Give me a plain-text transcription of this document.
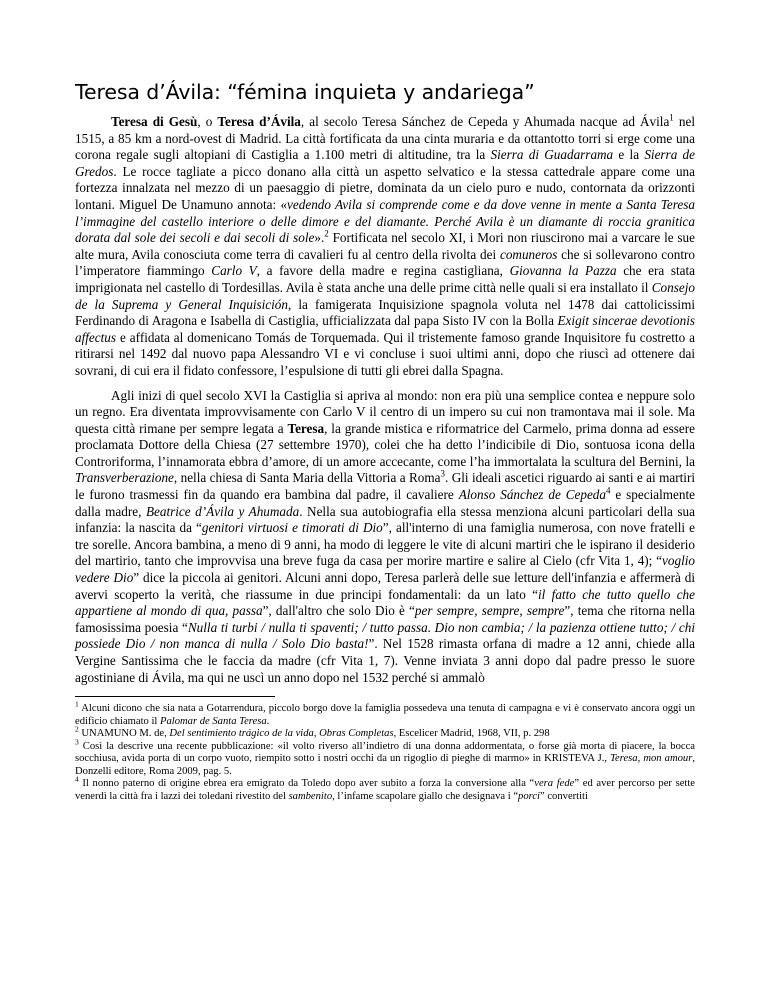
Teresa d’Ávila: “fémina inquieta y andariega”

Teresa di Gesù, o Teresa d’Ávila, al secolo Teresa Sánchez de Cepeda y Ahumada nacque ad Ávila$^1$ nel 1515, a 85 km a nord-ovest di Madrid. La città fortificata da una cinta muraria e da ottantotto torri si erge come una corona regale sugli altopiani di Castiglia a 1.100 metri di altitudine, tra la Sierra di Guadarrama e la Sierra de Gredos. Le rocce tagliate a picco donano alla città un aspetto selvatico e la stessa cattedrale appare come una fortezza innalzata nel mezzo di un paesaggio di pietre, dominata da un cielo puro e nudo, contornata da orizzonti lontani. Miguel De Unamuno annota: «vedendo Avila si comprende come e da dove venne in mente a Santa Teresa l’immagine del castello interiore o delle dimore e del diamante. Perché Avila è un diamante di roccia granitica dorata dal sole dei secoli e dai secoli di sole».$^2$ Fortificata nel secolo XI, i Mori non riuscirono mai a varcare le sue alte mura, Avila conosciuta come terra di cavalieri fu al centro della rivolta dei comuneros che si sollevarono contro l’imperatore fiammingo Carlo V, a favore della madre e regina castigliana, Giovanna la Pazza che era stata imprigionata nel castello di Tordesillas. Avila è stata anche una delle prime città nelle quali si era installato il Consejo de la Suprema y General Inquisición, la famigerata Inquisizione spagnola voluta nel 1478 dai cattolicissimi Ferdinando di Aragona e Isabella di Castiglia, ufficializzata dal papa Sisto IV con la Bolla Exigit sincerae devotionis affectus e affidata al domenicano Tomás de Torquemada. Qui il tristemente famoso grande Inquisitore fu costretto a ritirarsi nel 1492 dal nuovo papa Alessandro VI e vi concluse i suoi ultimi anni, dopo che riuscì ad ottenere dai sovrani, di cui era il fidato confessore, l’espulsione di tutti gli ebrei dalla Spagna.

Agli inizi di quel secolo XVI la Castiglia si apriva al mondo: non era più una semplice contea e neppure solo un regno. Era diventata improvvisamente con Carlo V il centro di un impero su cui non tramontava mai il sole. Ma questa città rimane per sempre legata a Teresa, la grande mistica e riformatrice del Carmelo, prima donna ad essere proclamata Dottore della Chiesa (27 settembre 1970), colei che ha detto l’indicibile di Dio, sontuosa icona della Controriforma, l’innamorata ebbra d’amore, di un amore accecante, come l’ha immortalata la scultura del Bernini, la Transverberazione, nella chiesa di Santa Maria della Vittoria a Roma$^3$. Gli ideali ascetici riguardo ai santi e ai martiri le furono trasmessi fin da quando era bambina dal padre, il cavaliere Alonso Sánchez de Cepeda$^4$ e specialmente dalla madre, Beatrice d’Ávila y Ahumada. Nella sua autobiografia ella stessa menziona alcuni particolari della sua infanzia: la nascita da “genitori virtuosi e timorati di Dio”, all'interno di una famiglia numerosa, con nove fratelli e tre sorelle. Ancora bambina, a meno di 9 anni, ha modo di leggere le vite di alcuni martiri che le ispirano il desiderio del martirio, tanto che improvvisa una breve fuga da casa per morire martire e salire al Cielo (cfr Vita 1, 4); “voglio vedere Dio” dice la piccola ai genitori. Alcuni anni dopo, Teresa parlerà delle sue letture dell'infanzia e affermerà di avervi scoperto la verità, che riassume in due principi fondamentali: da un lato “il fatto che tutto quello che appartiene al mondo di qua, passa”, dall'altro che solo Dio è “per sempre, sempre, sempre”, tema che ritorna nella famosissima poesia “Nulla ti turbi / nulla ti spaventi; / tutto passa. Dio non cambia; / la pazienza ottiene tutto; / chi possiede Dio / non manca di nulla / Solo Dio basta!”. Nel 1528 rimasta orfana di madre a 12 anni, chiede alla Vergine Santissima che le faccia da madre (cfr Vita 1, 7). Venne inviata 3 anni dopo dal padre presso le suore agostiniane di Ávila, ma qui ne uscì un anno dopo nel 1532 perché si ammalò

$^1$ Alcuni dicono che sia nata a Gotarrendura, piccolo borgo dove la famiglia possedeva una tenuta di campagna e vi è conservato ancora oggi un edificio chiamato il Palomar de Santa Teresa.

$^2$ UNAMUNO M. de, Del sentimiento trágico de la vida, Obras Completas, Escelicer Madrid, 1968, VII, p. 298

$^3$ Così la descrive una recente pubblicazione: «il volto riverso all’indietro di una donna addormentata, o forse già morta di piacere, la bocca socchiusa, avida porta di un corpo vuoto, riempito sotto i nostri occhi da un rigoglio di pieghe di marmo» in KRISTEVA J., Teresa, mon amour, Donzelli editore, Roma 2009, pag. 5.

$^4$ Il nonno paterno di origine ebrea era emigrato da Toledo dopo aver subito a forza la conversione alla “vera fede” ed aver percorso per sette venerdì la città fra i lazzi dei toledani rivestito del sambenito, l’infame scapolare giallo che designava i “porci” convertiti
